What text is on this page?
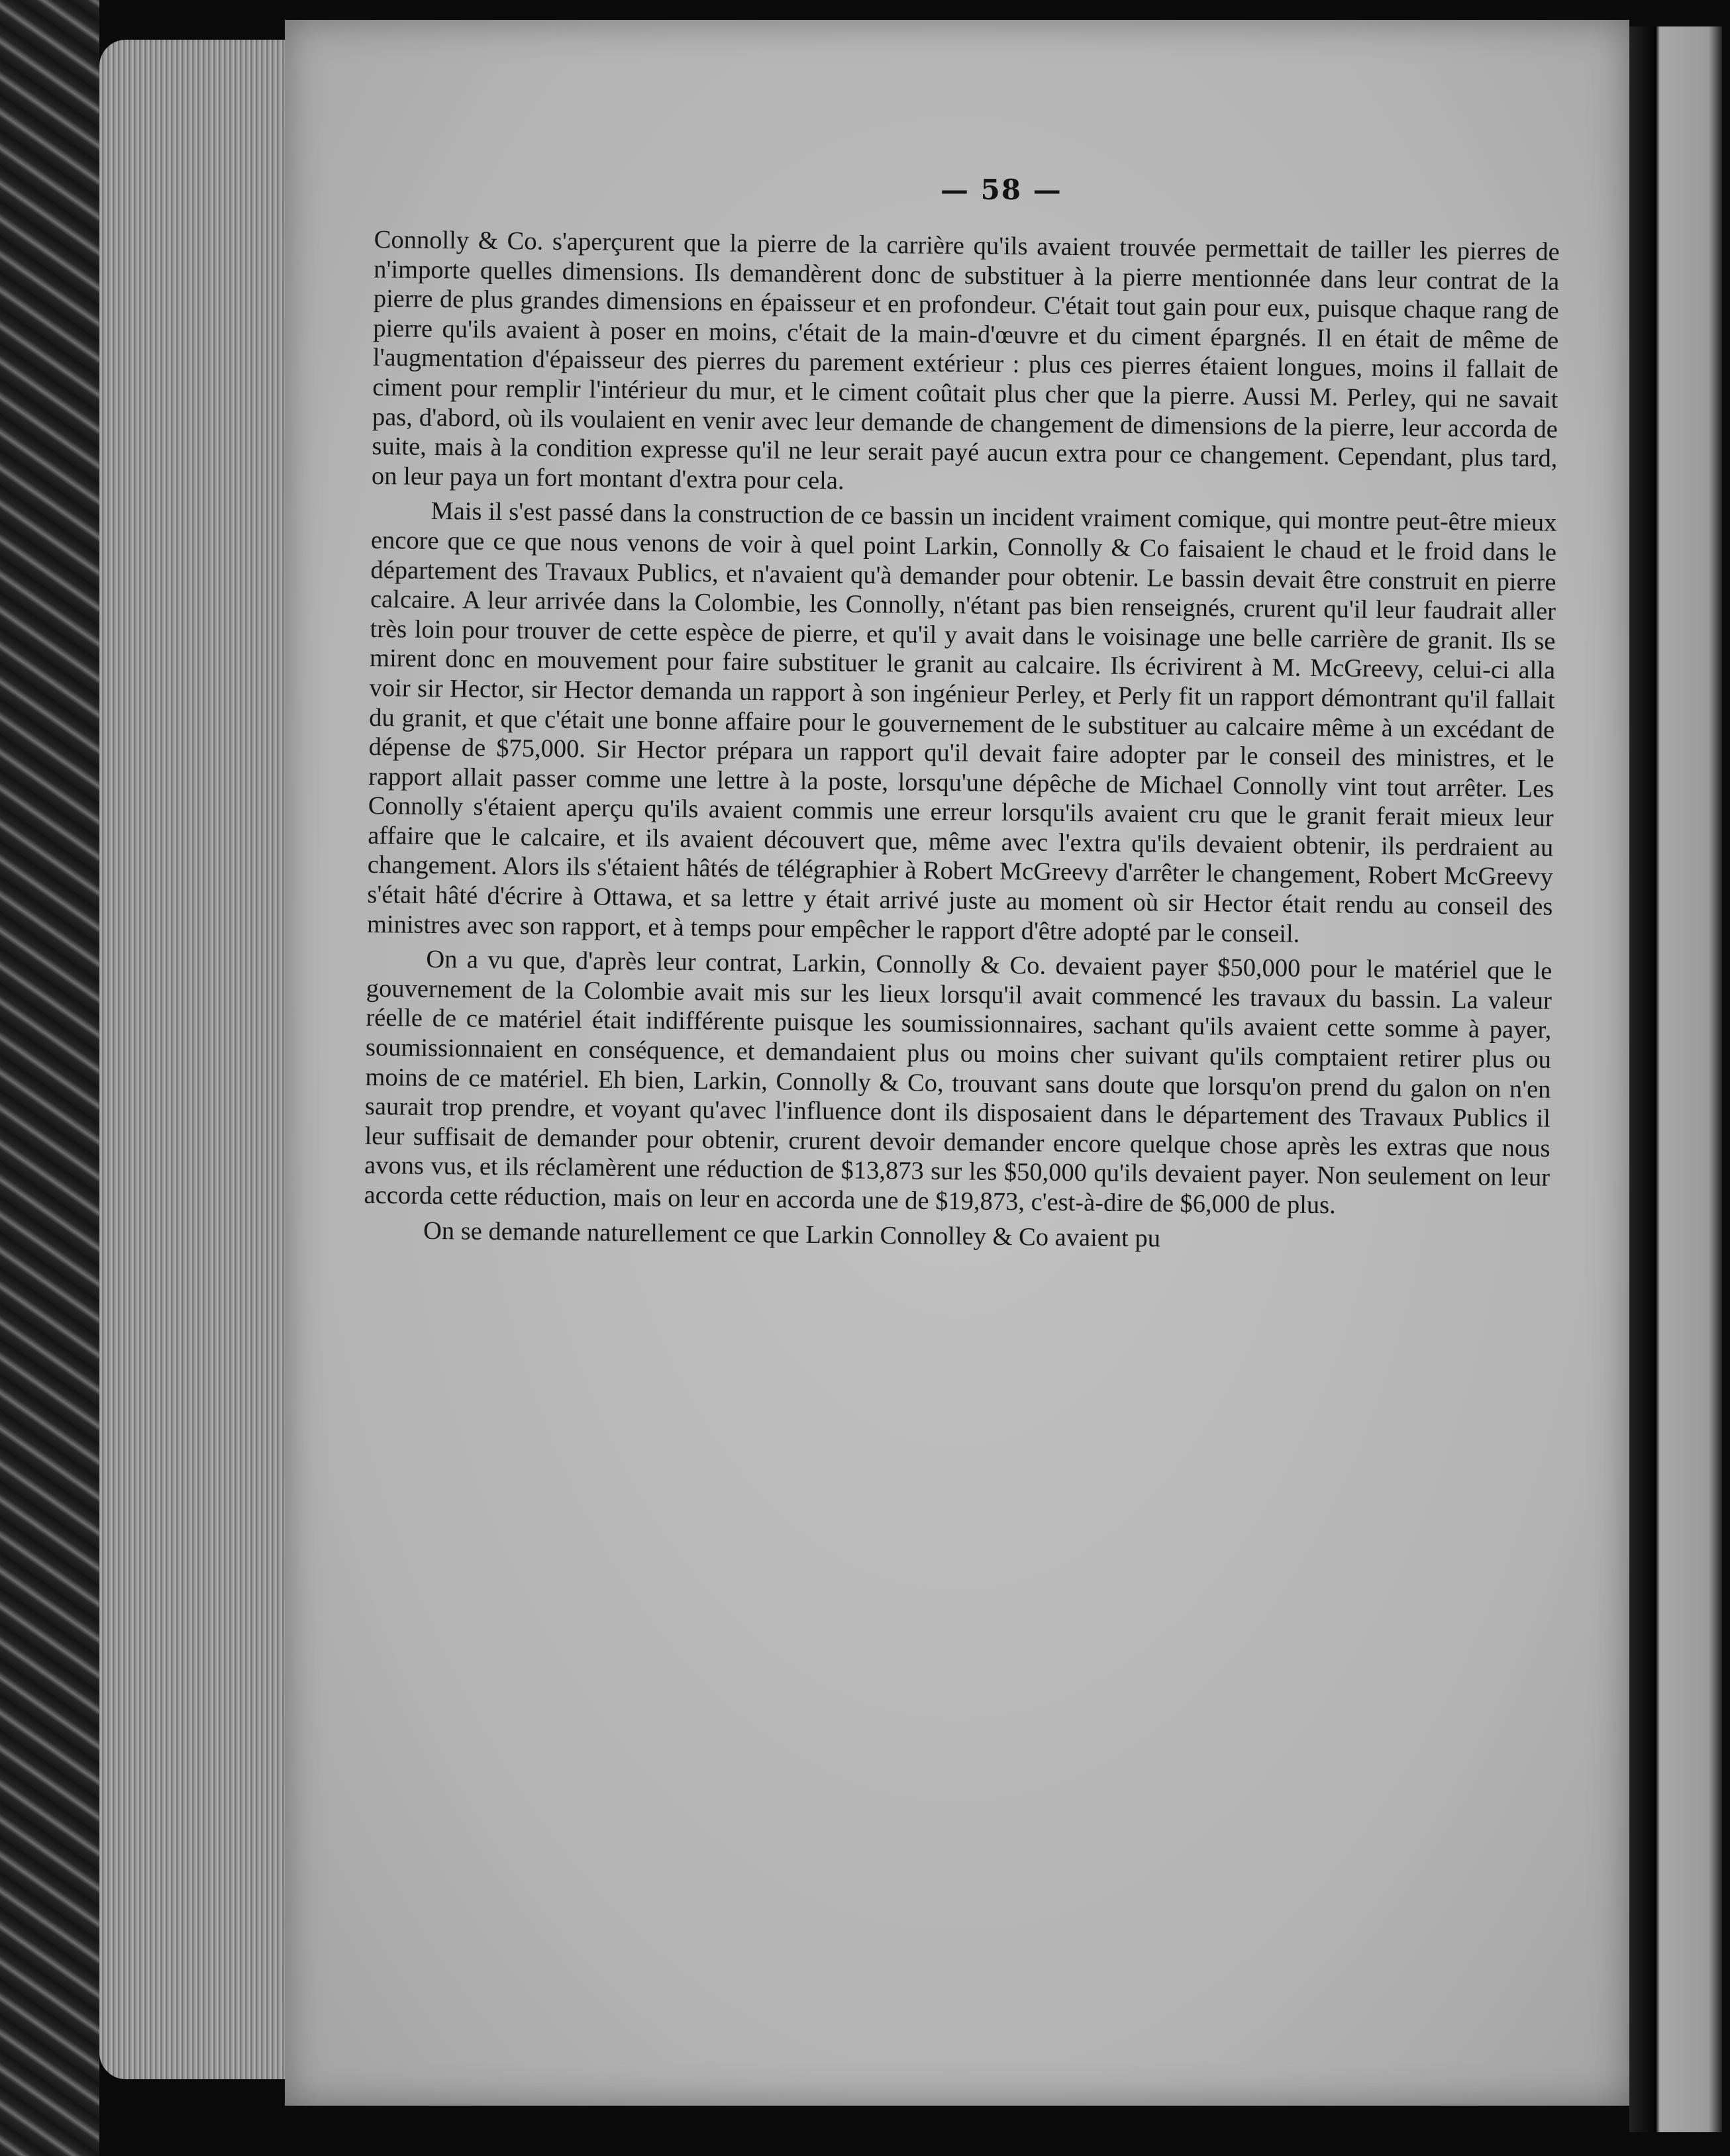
— 58 —

Connolly & Co. s'aperçurent que la pierre de la carrière qu'ils avaient trouvée permettait de tailler les pierres de n'importe quelles dimensions. Ils demandèrent donc de substituer à la pierre mentionnée dans leur contrat de la pierre de plus grandes dimensions en épaisseur et en profondeur. C'était tout gain pour eux, puisque chaque rang de pierre qu'ils avaient à poser en moins, c'était de la main-d'œuvre et du ciment épargnés. Il en était de même de l'augmentation d'épaisseur des pierres du parement extérieur : plus ces pierres étaient longues, moins il fallait de ciment pour remplir l'intérieur du mur, et le ciment coûtait plus cher que la pierre. Aussi M. Perley, qui ne savait pas, d'abord, où ils voulaient en venir avec leur demande de changement de dimensions de la pierre, leur accorda de suite, mais à la condition expresse qu'il ne leur serait payé aucun extra pour ce changement. Cependant, plus tard, on leur paya un fort montant d'extra pour cela.

Mais il s'est passé dans la construction de ce bassin un incident vraiment comique, qui montre peut-être mieux encore que ce que nous venons de voir à quel point Larkin, Connolly & Co faisaient le chaud et le froid dans le département des Travaux Publics, et n'avaient qu'à demander pour obtenir. Le bassin devait être construit en pierre calcaire. A leur arrivée dans la Colombie, les Connolly, n'étant pas bien renseignés, crurent qu'il leur faudrait aller très loin pour trouver de cette espèce de pierre, et qu'il y avait dans le voisinage une belle carrière de granit. Ils se mirent donc en mouvement pour faire substituer le granit au calcaire. Ils écrivirent à M. McGreevy, celui-ci alla voir sir Hector, sir Hector demanda un rapport à son ingénieur Perley, et Perly fit un rapport démontrant qu'il fallait du granit, et que c'était une bonne affaire pour le gouvernement de le substituer au calcaire même à un excédant de dépense de $75,000. Sir Hector prépara un rapport qu'il devait faire adopter par le conseil des ministres, et le rapport allait passer comme une lettre à la poste, lorsqu'une dépêche de Michael Connolly vint tout arrêter. Les Connolly s'étaient aperçu qu'ils avaient commis une erreur lorsqu'ils avaient cru que le granit ferait mieux leur affaire que le calcaire, et ils avaient découvert que, même avec l'extra qu'ils devaient obtenir, ils perdraient au changement. Alors ils s'étaient hâtés de télégraphier à Robert McGreevy d'arrêter le changement, Robert McGreevy s'était hâté d'écrire à Ottawa, et sa lettre y était arrivé juste au moment où sir Hector était rendu au conseil des ministres avec son rapport, et à temps pour empêcher le rapport d'être adopté par le conseil.

On a vu que, d'après leur contrat, Larkin, Connolly & Co. devaient payer $50,000 pour le matériel que le gouvernement de la Colombie avait mis sur les lieux lorsqu'il avait commencé les travaux du bassin. La valeur réelle de ce matériel était indifférente puisque les soumissionnaires, sachant qu'ils avaient cette somme à payer, soumissionnaient en conséquence, et demandaient plus ou moins cher suivant qu'ils comptaient retirer plus ou moins de ce matériel. Eh bien, Larkin, Connolly & Co, trouvant sans doute que lorsqu'on prend du galon on n'en saurait trop prendre, et voyant qu'avec l'influence dont ils disposaient dans le département des Travaux Publics il leur suffisait de demander pour obtenir, crurent devoir demander encore quelque chose après les extras que nous avons vus, et ils réclamèrent une réduction de $13,873 sur les $50,000 qu'ils devaient payer. Non seulement on leur accorda cette réduction, mais on leur en accorda une de $19,873, c'est-à-dire de $6,000 de plus.

On se demande naturellement ce que Larkin Connolley & Co avaient pu
